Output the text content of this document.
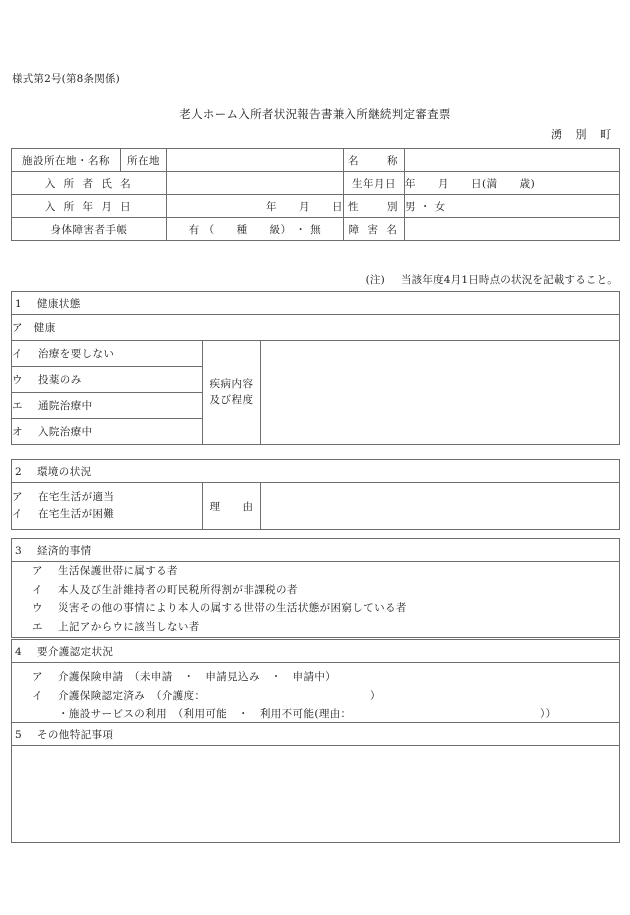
様式第2号(第8条関係)
老人ホーム入所者状況報告書兼入所継続判定審査票
湧 別 町
施設所在地・名称	所在地		名　　称	
入 所 者 氏 名			生年月日	年　　月　　日(満　　歳)
入 所 年 月 日		年　　月　　日	性　　別	男 ・ 女
身体障害者手帳		有 （　　種　　級） ・ 無	障 害 名	
(注) 当該年度4月1日時点の状況を記載すること。
1 健康状態
ア　健康
イ 治療を要しない	
疾病内容
及び程度

ウ 投薬のみ
エ 通院治療中
オ 入院治療中
2 環境の状況

ア 在宅生活が適当
イ 在宅生活が困難
	理　　由	
3 経済的事情

ア 生活保護世帯に属する者
イ 本人及び生計維持者の町民税所得割が非課税の者
ウ 災害その他の事情により本人の属する世帯の生活状態が困窮している者
エ 上記アからウに該当しない者
4 要介護認定状況

ア 介護保険申請　（未申請　・　申請見込み　・　申請中）
イ 介護保険認定済み　（介護度：	）
・施設サービスの利用　（利用可能　・　利用不可能(理由：	））
5 その他特記事項
